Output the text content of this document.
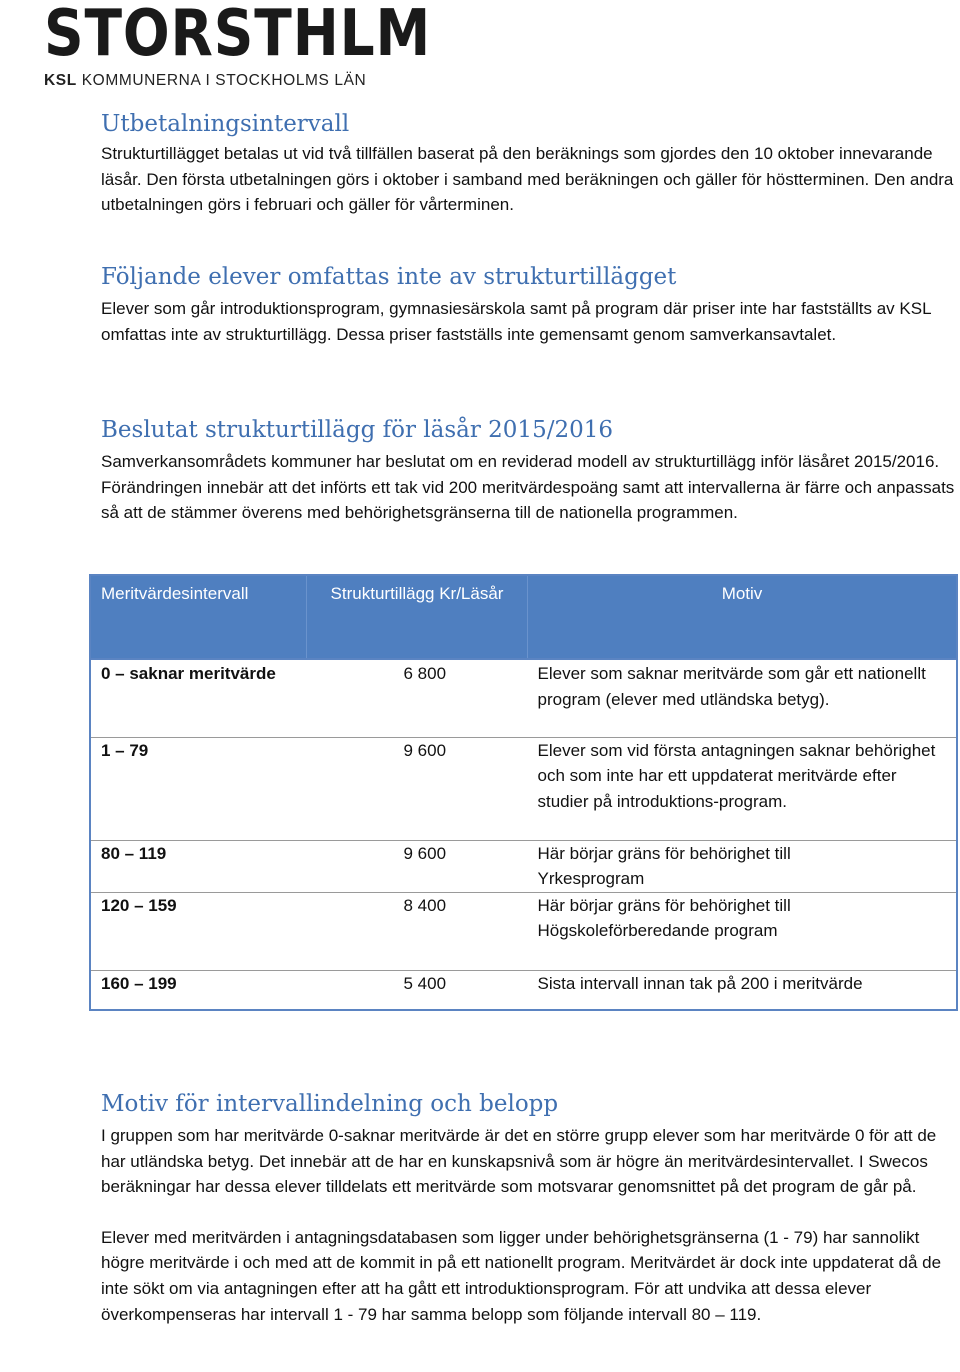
STORSTHLM
KSL KOMMUNERNA I STOCKHOLMS LÄN
Utbetalningsintervall

Strukturtillägget betalas ut vid två tillfällen baserat på den beräknings som gjordes den 10 oktober innevarande läsår. Den första utbetalningen görs i oktober i samband med beräkningen och gäller för höstterminen. Den andra utbetalningen görs i februari och gäller för vårterminen.

Följande elever omfattas inte av strukturtillägget

Elever som går introduktionsprogram, gymnasiesärskola samt på program där priser inte har fastställts av KSL omfattas inte av strukturtillägg. Dessa priser fastställs inte gemensamt genom samverkansavtalet.

Beslutat strukturtillägg för läsår 2015/2016

Samverkansområdets kommuner har beslutat om en reviderad modell av strukturtillägg inför läsåret 2015/2016. Förändringen innebär att det införts ett tak vid 200 meritvärdespoäng samt att intervallerna är färre och anpassats så att de stämmer överens med behörighetsgränserna till de nationella programmen.

Meritvärdesintervall	Strukturtillägg Kr/Läsår	Motiv
0 – saknar meritvärde	6 800	Elever som saknar meritvärde som går ett nationellt program (elever med utländska betyg).
1 – 79	9 600	Elever som vid första antagningen saknar behörighet och som inte har ett uppdaterat meritvärde efter studier på introduktions-program.
80 – 119	9 600	Här börjar gräns för behörighet till Yrkesprogram
120 – 159	8 400	Här börjar gräns för behörighet till Högskoleförberedande program
160 – 199	5 400	Sista intervall innan tak på 200 i meritvärde
Motiv för intervallindelning och belopp

I gruppen som har meritvärde 0-saknar meritvärde är det en större grupp elever som har meritvärde 0 för att de har utländska betyg. Det innebär att de har en kunskapsnivå som är högre än meritvärdesintervallet. I Swecos beräkningar har dessa elever tilldelats ett meritvärde som motsvarar genomsnittet på det program de går på.

Elever med meritvärden i antagningsdatabasen som ligger under behörighetsgränserna (1 - 79) har sannolikt högre meritvärde i och med att de kommit in på ett nationellt program. Meritvärdet är dock inte uppdaterat då de inte sökt om via antagningen efter att ha gått ett introduktionsprogram. För att undvika att dessa elever överkompenseras har intervall 1 - 79 har samma belopp som följande intervall 80 – 119.
